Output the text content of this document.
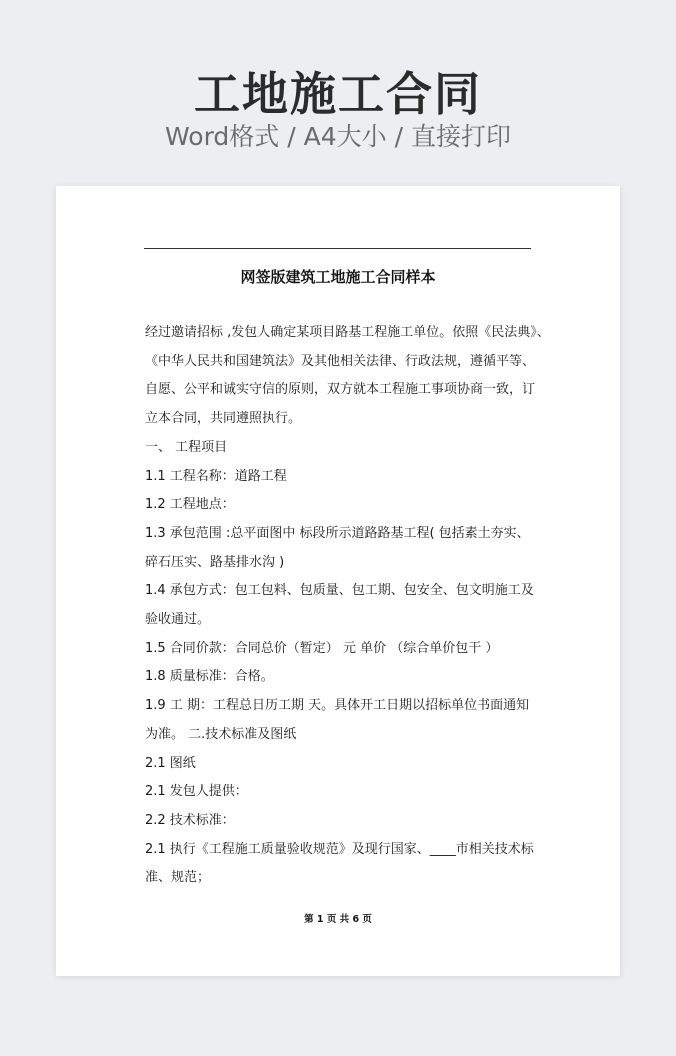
工地施工合同
Word格式 / A4大小 / 直接打印
网签版建筑工地施工合同样本
经过邀请招标 ,发包人确定某项目路基工程施工单位。依照《民法典》、
《中华人民共和国建筑法》及其他相关法律、行政法规，遵循平等、
自愿、公平和诚实守信的原则，双方就本工程施工事项协商一致，订
立本合同，共同遵照执行。
一、 工程项目
1.1 工程名称：道路工程
1.2 工程地点：
1.3 承包范围 :总平面图中 标段所示道路路基工程( 包括素土夯实、
碎石压实、路基排水沟 )
1.4 承包方式：包工包料、包质量、包工期、包安全、包文明施工及
验收通过。
1.5 合同价款：合同总价（暂定） 元 单价 （综合单价包干 ）
1.8 质量标准：合格。
1.9 工 期：工程总日历工期 天。具体开工日期以招标单位书面通知
为准。 二.技术标准及图纸
2.1 图纸
2.1 发包人提供：
2.2 技术标准：
2.1 执行《工程施工质量验收规范》及现行国家、____市相关技术标
准、规范；
第 1 页 共 6 页
